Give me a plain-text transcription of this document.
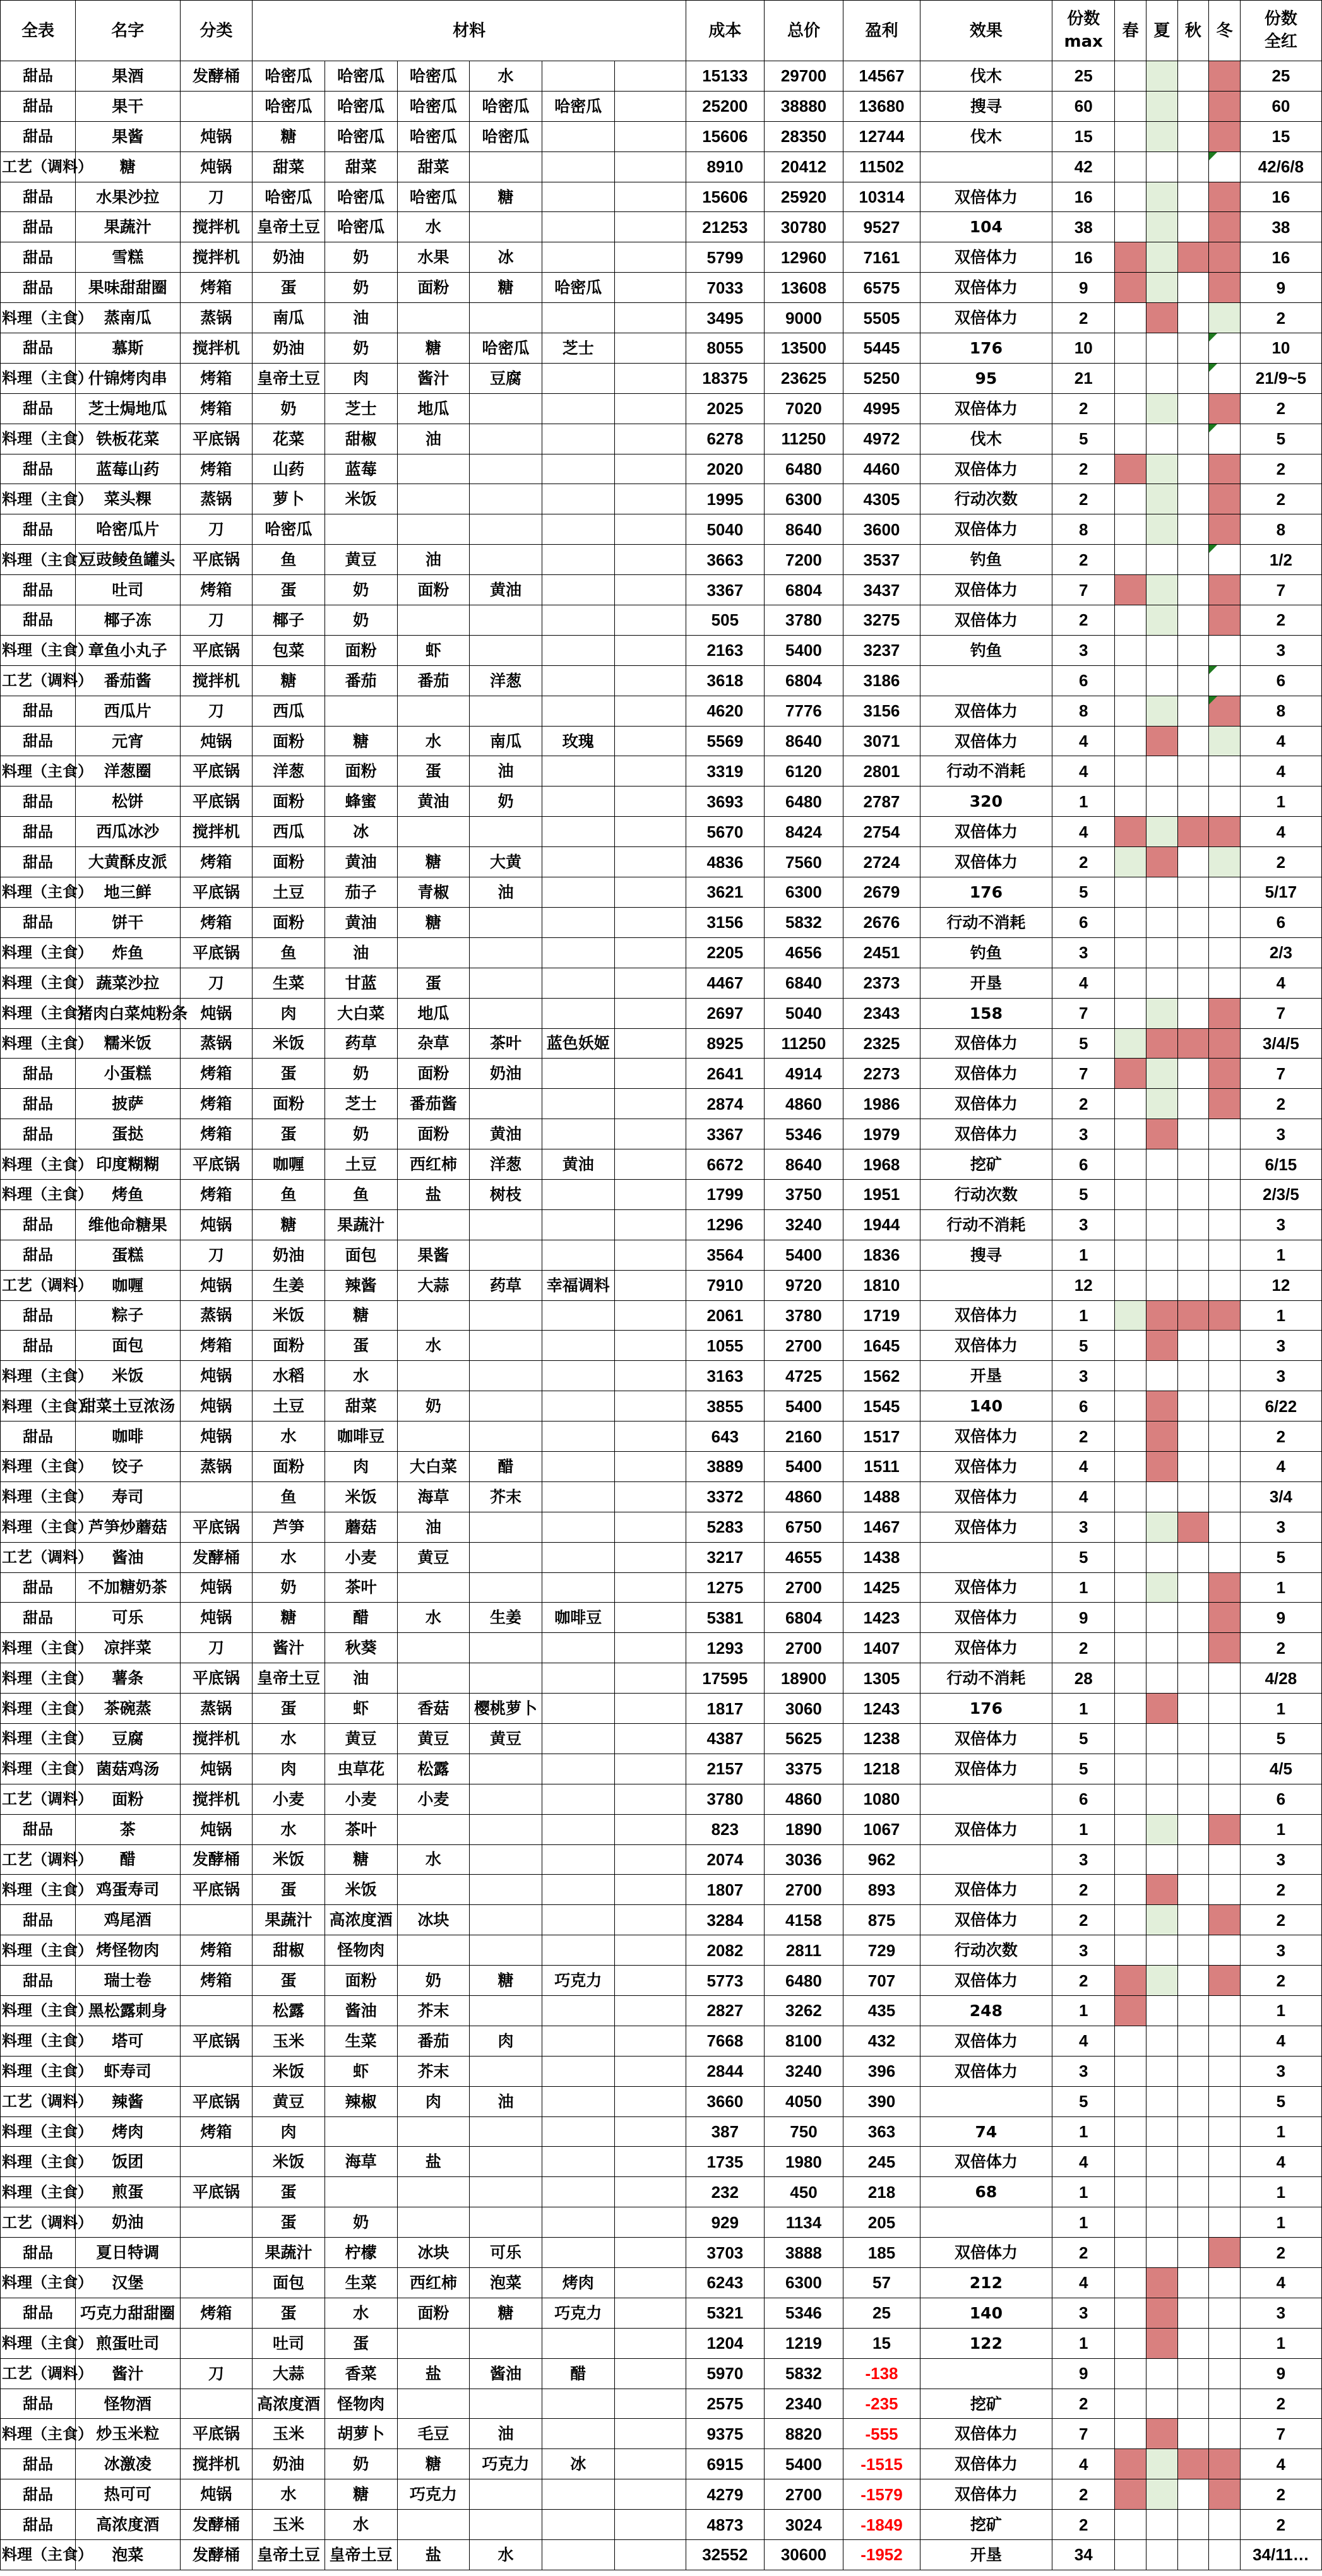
全表	名字	分类	材料						成本	总价	盈利	效果	份数
max	春	夏	秋	冬	份数
全红
甜品	果酒	发酵桶	哈密瓜	哈密瓜	哈密瓜	水			15133	29700	14567	伐木	25					25
甜品	果干		哈密瓜	哈密瓜	哈密瓜	哈密瓜	哈密瓜		25200	38880	13680	搜寻	60					60
甜品	果酱	炖锅	糖	哈密瓜	哈密瓜	哈密瓜			15606	28350	12744	伐木	15					15
工艺（调料）	糖	炖锅	甜菜	甜菜	甜菜				8910	20412	11502		42					42/6/8
甜品	水果沙拉	刀	哈密瓜	哈密瓜	哈密瓜	糖			15606	25920	10314	双倍体力	16					16
甜品	果蔬汁	搅拌机	皇帝土豆	哈密瓜	水				21253	30780	9527	104	38					38
甜品	雪糕	搅拌机	奶油	奶	水果	冰			5799	12960	7161	双倍体力	16					16
甜品	果味甜甜圈	烤箱	蛋	奶	面粉	糖	哈密瓜		7033	13608	6575	双倍体力	9					9
料理（主食）	蒸南瓜	蒸锅	南瓜	油					3495	9000	5505	双倍体力	2					2
甜品	慕斯	搅拌机	奶油	奶	糖	哈密瓜	芝士		8055	13500	5445	176	10					10
料理（主食）	什锦烤肉串	烤箱	皇帝土豆	肉	酱汁	豆腐			18375	23625	5250	95	21					21/9~5
甜品	芝士焗地瓜	烤箱	奶	芝士	地瓜				2025	7020	4995	双倍体力	2					2
料理（主食）	铁板花菜	平底锅	花菜	甜椒	油				6278	11250	4972	伐木	5					5
甜品	蓝莓山药	烤箱	山药	蓝莓					2020	6480	4460	双倍体力	2					2
料理（主食）	菜头粿	蒸锅	萝卜	米饭					1995	6300	4305	行动次数	2					2
甜品	哈密瓜片	刀	哈密瓜						5040	8640	3600	双倍体力	8					8
料理（主食）	豆豉鲮鱼罐头	平底锅	鱼	黄豆	油				3663	7200	3537	钓鱼	2					1/2
甜品	吐司	烤箱	蛋	奶	面粉	黄油			3367	6804	3437	双倍体力	7					7
甜品	椰子冻	刀	椰子	奶					505	3780	3275	双倍体力	2					2
料理（主食）	章鱼小丸子	平底锅	包菜	面粉	虾				2163	5400	3237	钓鱼	3					3
工艺（调料）	番茄酱	搅拌机	糖	番茄	番茄	洋葱			3618	6804	3186		6					6
甜品	西瓜片	刀	西瓜						4620	7776	3156	双倍体力	8					8
甜品	元宵	炖锅	面粉	糖	水	南瓜	玫瑰		5569	8640	3071	双倍体力	4					4
料理（主食）	洋葱圈	平底锅	洋葱	面粉	蛋	油			3319	6120	2801	行动不消耗	4					4
甜品	松饼	平底锅	面粉	蜂蜜	黄油	奶			3693	6480	2787	320	1					1
甜品	西瓜冰沙	搅拌机	西瓜	冰					5670	8424	2754	双倍体力	4					4
甜品	大黄酥皮派	烤箱	面粉	黄油	糖	大黄			4836	7560	2724	双倍体力	2					2
料理（主食）	地三鲜	平底锅	土豆	茄子	青椒	油			3621	6300	2679	176	5					5/17
甜品	饼干	烤箱	面粉	黄油	糖				3156	5832	2676	行动不消耗	6					6
料理（主食）	炸鱼	平底锅	鱼	油					2205	4656	2451	钓鱼	3					2/3
料理（主食）	蔬菜沙拉	刀	生菜	甘蓝	蛋				4467	6840	2373	开垦	4					4
料理（主食）	猪肉白菜炖粉条	炖锅	肉	大白菜	地瓜				2697	5040	2343	158	7					7
料理（主食）	糯米饭	蒸锅	米饭	药草	杂草	茶叶	蓝色妖姬		8925	11250	2325	双倍体力	5					3/4/5
甜品	小蛋糕	烤箱	蛋	奶	面粉	奶油			2641	4914	2273	双倍体力	7					7
甜品	披萨	烤箱	面粉	芝士	番茄酱				2874	4860	1986	双倍体力	2					2
甜品	蛋挞	烤箱	蛋	奶	面粉	黄油			3367	5346	1979	双倍体力	3					3
料理（主食）	印度糊糊	平底锅	咖喱	土豆	西红柿	洋葱	黄油		6672	8640	1968	挖矿	6					6/15
料理（主食）	烤鱼	烤箱	鱼	鱼	盐	树枝			1799	3750	1951	行动次数	5					2/3/5
甜品	维他命糖果	炖锅	糖	果蔬汁					1296	3240	1944	行动不消耗	3					3
甜品	蛋糕	刀	奶油	面包	果酱				3564	5400	1836	搜寻	1					1
工艺（调料）	咖喱	炖锅	生姜	辣酱	大蒜	药草	幸福调料		7910	9720	1810		12					12
甜品	粽子	蒸锅	米饭	糖					2061	3780	1719	双倍体力	1					1
甜品	面包	烤箱	面粉	蛋	水				1055	2700	1645	双倍体力	5					3
料理（主食）	米饭	炖锅	水稻	水					3163	4725	1562	开垦	3					3
料理（主食）	甜菜土豆浓汤	炖锅	土豆	甜菜	奶				3855	5400	1545	140	6					6/22
甜品	咖啡	炖锅	水	咖啡豆					643	2160	1517	双倍体力	2					2
料理（主食）	饺子	蒸锅	面粉	肉	大白菜	醋			3889	5400	1511	双倍体力	4					4
料理（主食）	寿司		鱼	米饭	海草	芥末			3372	4860	1488	双倍体力	4					3/4
料理（主食）	芦笋炒蘑菇	平底锅	芦笋	蘑菇	油				5283	6750	1467	双倍体力	3					3
工艺（调料）	酱油	发酵桶	水	小麦	黄豆				3217	4655	1438		5					5
甜品	不加糖奶茶	炖锅	奶	茶叶					1275	2700	1425	双倍体力	1					1
甜品	可乐	炖锅	糖	醋	水	生姜	咖啡豆		5381	6804	1423	双倍体力	9					9
料理（主食）	凉拌菜	刀	酱汁	秋葵					1293	2700	1407	双倍体力	2					2
料理（主食）	薯条	平底锅	皇帝土豆	油					17595	18900	1305	行动不消耗	28					4/28
料理（主食）	茶碗蒸	蒸锅	蛋	虾	香菇	樱桃萝卜			1817	3060	1243	176	1					1
料理（主食）	豆腐	搅拌机	水	黄豆	黄豆	黄豆			4387	5625	1238	双倍体力	5					5
料理（主食）	菌菇鸡汤	炖锅	肉	虫草花	松露				2157	3375	1218	双倍体力	5					4/5
工艺（调料）	面粉	搅拌机	小麦	小麦	小麦				3780	4860	1080		6					6
甜品	茶	炖锅	水	茶叶					823	1890	1067	双倍体力	1					1
工艺（调料）	醋	发酵桶	米饭	糖	水				2074	3036	962		3					3
料理（主食）	鸡蛋寿司	平底锅	蛋	米饭					1807	2700	893	双倍体力	2					2
甜品	鸡尾酒		果蔬汁	高浓度酒	冰块				3284	4158	875	双倍体力	2					2
料理（主食）	烤怪物肉	烤箱	甜椒	怪物肉					2082	2811	729	行动次数	3					3
甜品	瑞士卷	烤箱	蛋	面粉	奶	糖	巧克力		5773	6480	707	双倍体力	2					2
料理（主食）	黑松露刺身		松露	酱油	芥末				2827	3262	435	248	1					1
料理（主食）	塔可	平底锅	玉米	生菜	番茄	肉			7668	8100	432	双倍体力	4					4
料理（主食）	虾寿司		米饭	虾	芥末				2844	3240	396	双倍体力	3					3
工艺（调料）	辣酱	平底锅	黄豆	辣椒	肉	油			3660	4050	390		5					5
料理（主食）	烤肉	烤箱	肉						387	750	363	74	1					1
料理（主食）	饭团		米饭	海草	盐				1735	1980	245	双倍体力	4					4
料理（主食）	煎蛋	平底锅	蛋						232	450	218	68	1					1
工艺（调料）	奶油		蛋	奶					929	1134	205		1					1
甜品	夏日特调		果蔬汁	柠檬	冰块	可乐			3703	3888	185	双倍体力	2					2
料理（主食）	汉堡		面包	生菜	西红柿	泡菜	烤肉		6243	6300	57	212	4					4
甜品	巧克力甜甜圈	烤箱	蛋	水	面粉	糖	巧克力		5321	5346	25	140	3					3
料理（主食）	煎蛋吐司		吐司	蛋					1204	1219	15	122	1					1
工艺（调料）	酱汁	刀	大蒜	香菜	盐	酱油	醋		5970	5832	-138		9					9
甜品	怪物酒		高浓度酒	怪物肉					2575	2340	-235	挖矿	2					2
料理（主食）	炒玉米粒	平底锅	玉米	胡萝卜	毛豆	油			9375	8820	-555	双倍体力	7					7
甜品	冰激凌	搅拌机	奶油	奶	糖	巧克力	冰		6915	5400	-1515	双倍体力	4					4
甜品	热可可	炖锅	水	糖	巧克力				4279	2700	-1579	双倍体力	2					2
甜品	高浓度酒	发酵桶	玉米	水					4873	3024	-1849	挖矿	2					2
料理（主食）	泡菜	发酵桶	皇帝土豆	皇帝土豆	盐	水			32552	30600	-1952	开垦	34					34/11…
